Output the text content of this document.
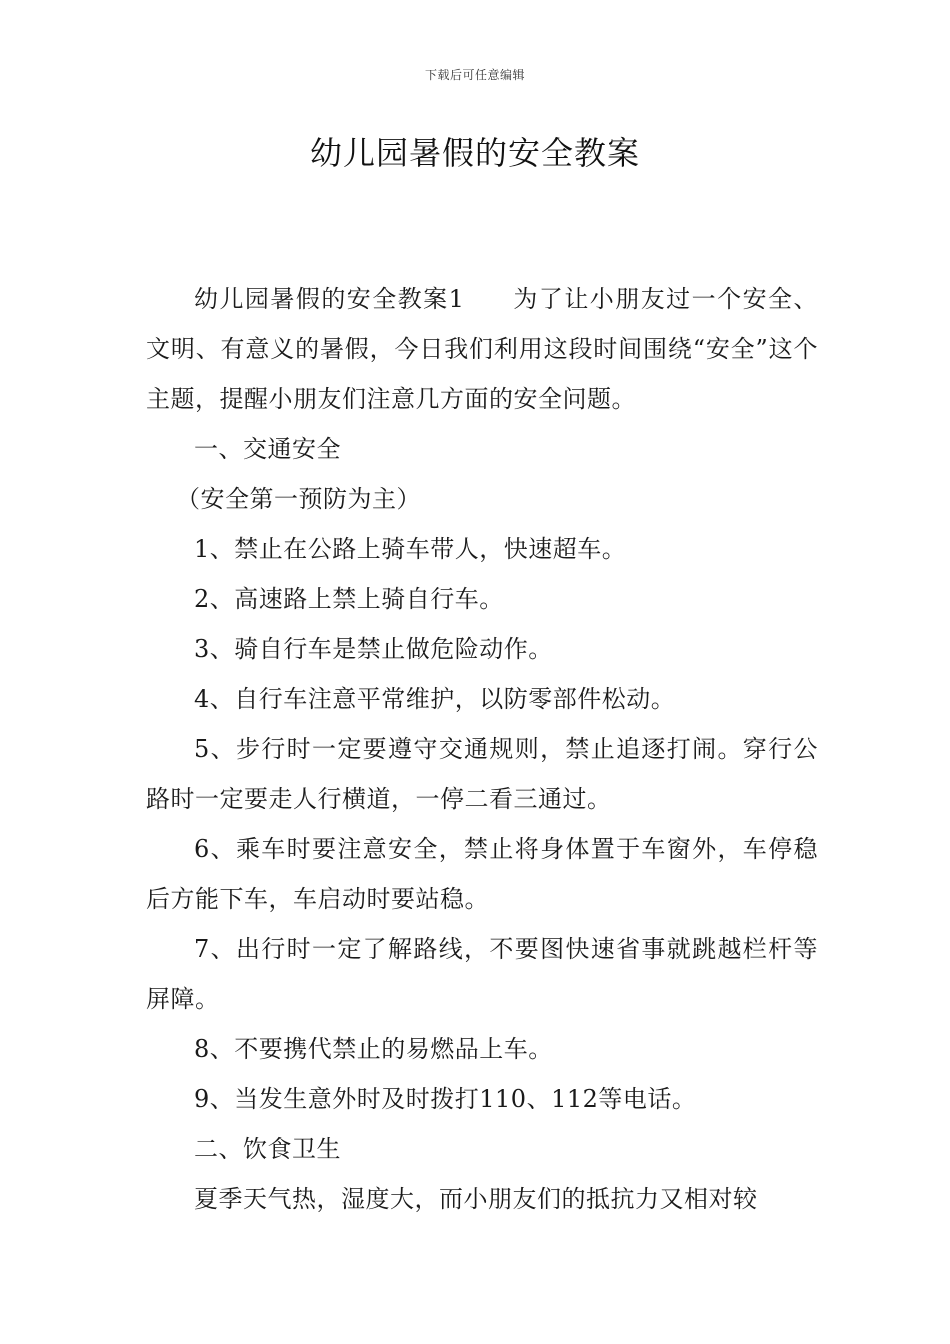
下载后可任意编辑
幼儿园暑假的安全教案

幼儿园暑假的安全教案1 为了让小朋友过一个安全、文明、有意义的暑假，今日我们利用这段时间围绕“安全”这个主题，提醒小朋友们注意几方面的安全问题。

一、交通安全

（安全第一预防为主）

1、禁止在公路上骑车带人，快速超车。

2、高速路上禁上骑自行车。

3、骑自行车是禁止做危险动作。

4、自行车注意平常维护，以防零部件松动。

5、步行时一定要遵守交通规则，禁止追逐打闹。穿行公路时一定要走人行横道，一停二看三通过。

6、乘车时要注意安全，禁止将身体置于车窗外，车停稳后方能下车，车启动时要站稳。

7、出行时一定了解路线，不要图快速省事就跳越栏杆等屏障。

8、不要携代禁止的易燃品上车。

9、当发生意外时及时拨打110、112等电话。

二、饮食卫生

夏季天气热，湿度大，而小朋友们的抵抗力又相对较
